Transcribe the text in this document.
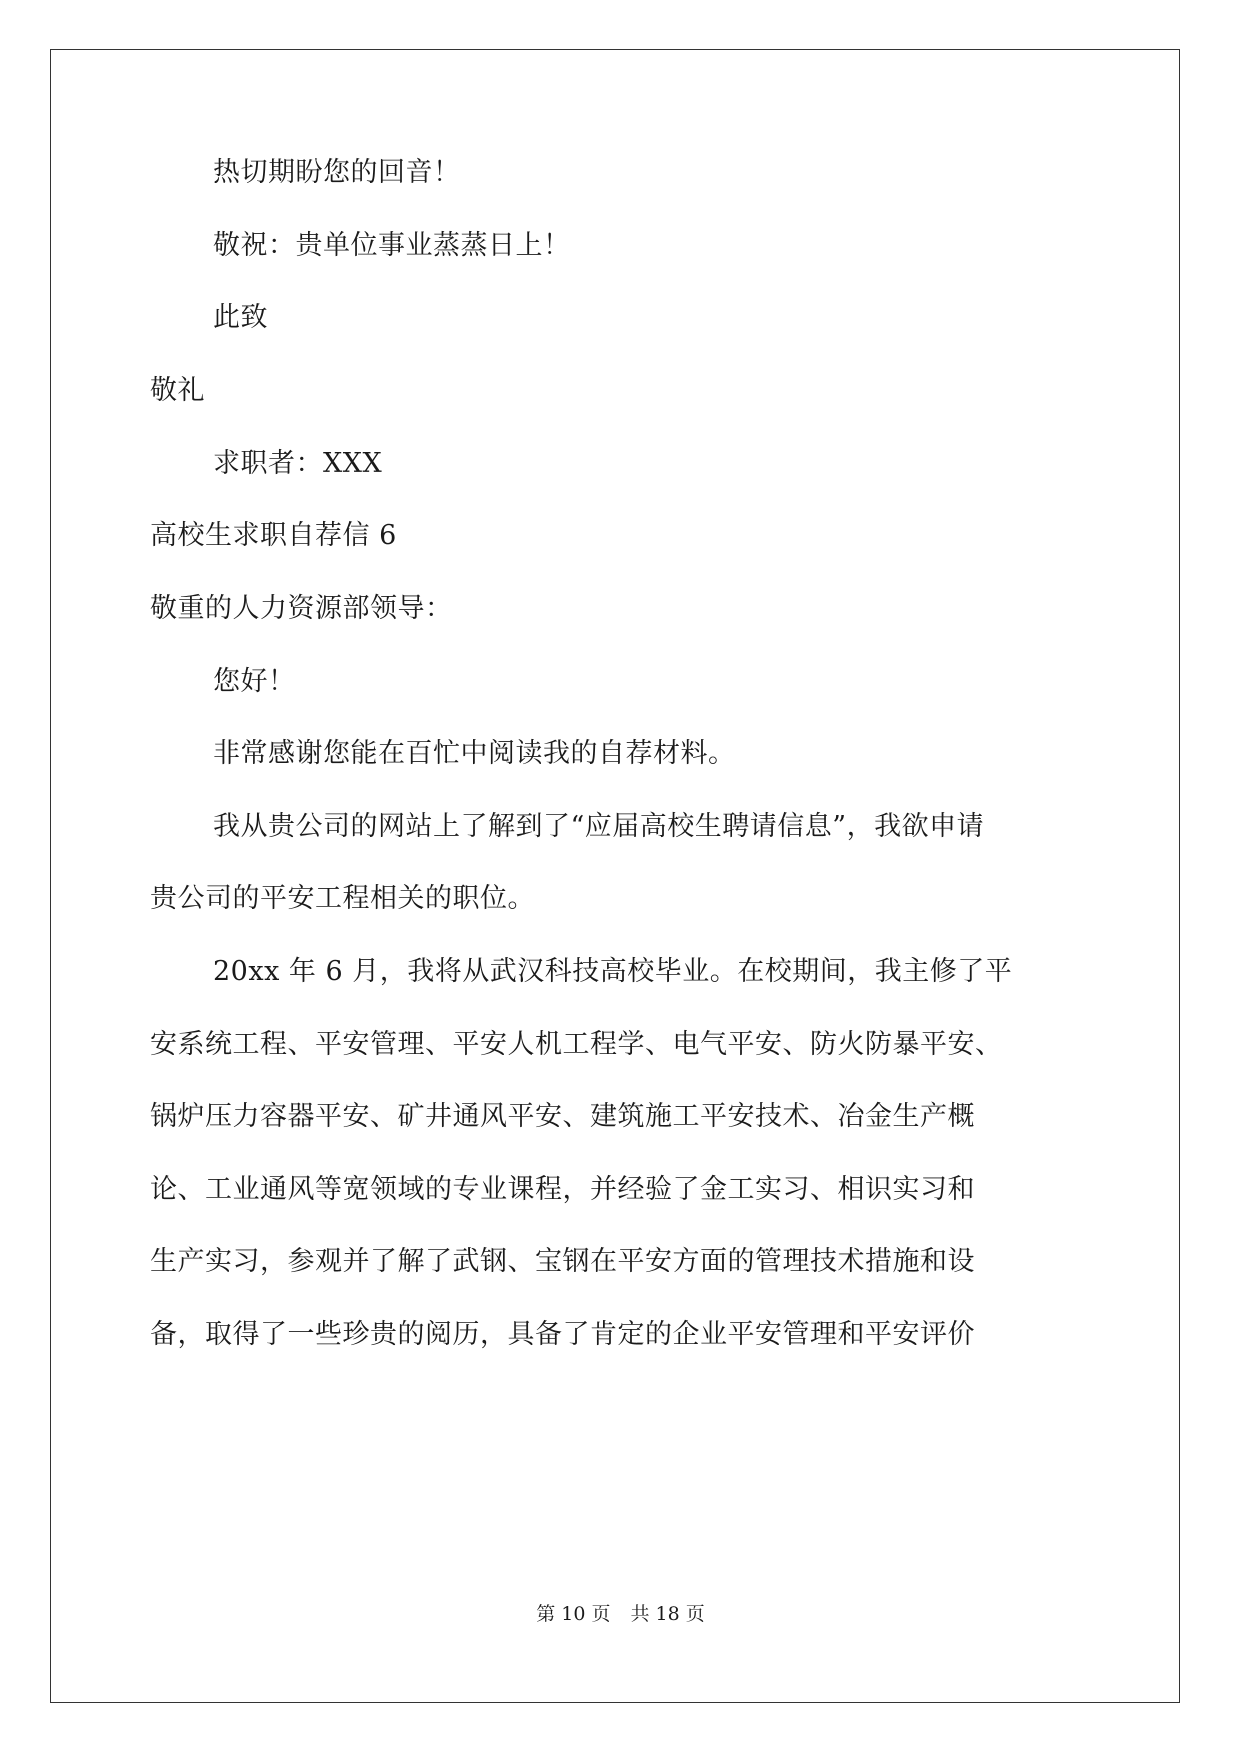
热切期盼您的回音！
敬祝：贵单位事业蒸蒸日上！
此致
敬礼
求职者：XXX
高校生求职自荐信 6
敬重的人力资源部领导：
您好！
非常感谢您能在百忙中阅读我的自荐材料。
我从贵公司的网站上了解到了“应届高校生聘请信息”，我欲申请
贵公司的平安工程相关的职位。
20xx 年 6 月，我将从武汉科技高校毕业。在校期间，我主修了平
安系统工程、平安管理、平安人机工程学、电气平安、防火防暴平安、
锅炉压力容器平安、矿井通风平安、建筑施工平安技术、冶金生产概
论、工业通风等宽领域的专业课程，并经验了金工实习、相识实习和
生产实习，参观并了解了武钢、宝钢在平安方面的管理技术措施和设
备，取得了一些珍贵的阅历，具备了肯定的企业平安管理和平安评价
第 10 页 共 18 页
